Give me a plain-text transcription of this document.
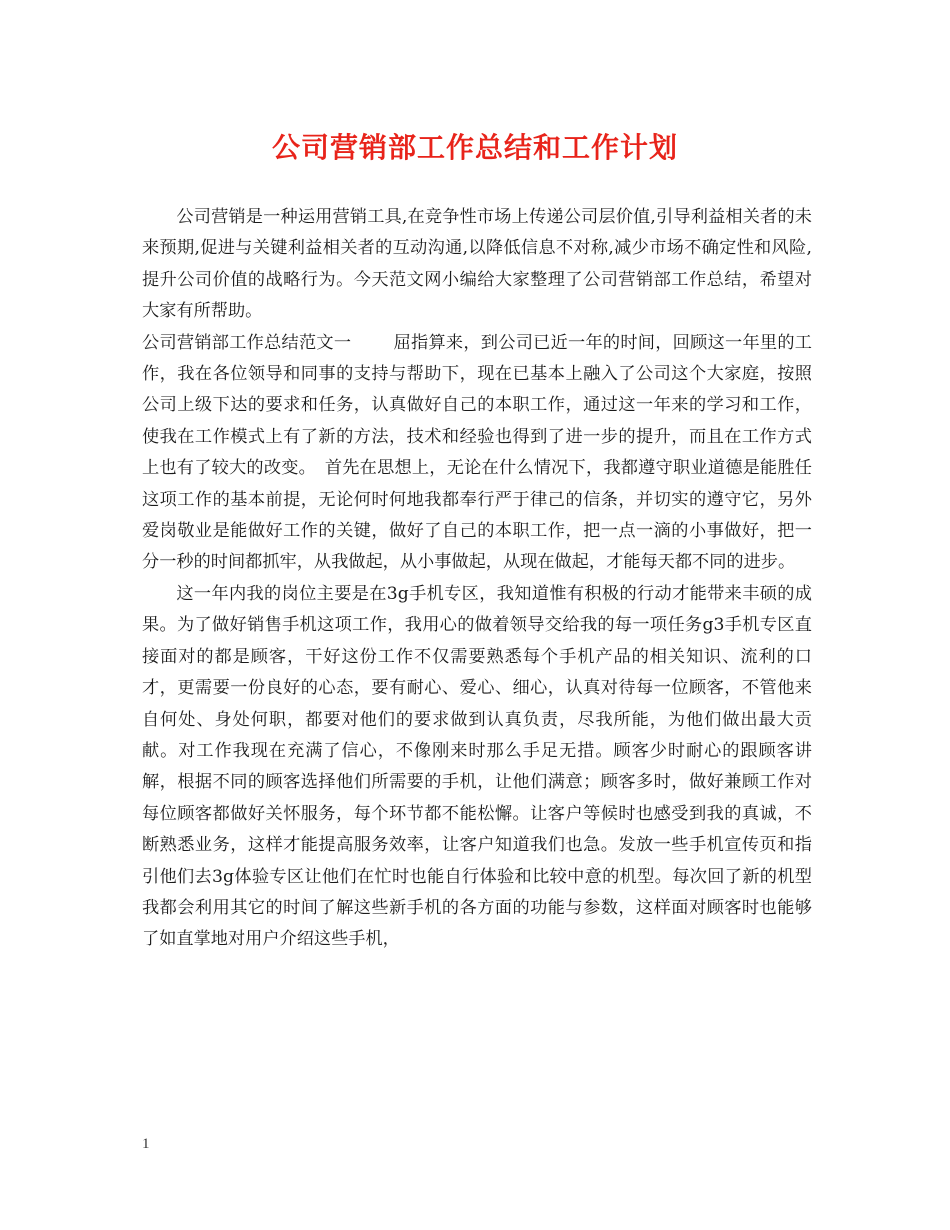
公司营销部工作总结和工作计划

公司营销是一种运用营销工具,在竞争性市场上传递公司层价值,引导利益相关者的未来预期,促进与关键利益相关者的互动沟通,以降低信息不对称,减少市场不确定性和风险,提升公司价值的战略行为。今天范文网小编给大家整理了公司营销部工作总结，希望对大家有所帮助。

公司营销部工作总结范文一 屈指算来，到公司已近一年的时间，回顾这一年里的工作，我在各位领导和同事的支持与帮助下，现在已基本上融入了公司这个大家庭，按照公司上级下达的要求和任务，认真做好自己的本职工作，通过这一年来的学习和工作，使我在工作模式上有了新的方法，技术和经验也得到了进一步的提升，而且在工作方式上也有了较大的改变。　首先在思想上，无论在什么情况下，我都遵守职业道德是能胜任这项工作的基本前提，无论何时何地我都奉行严于律己的信条，并切实的遵守它，另外爱岗敬业是能做好工作的关键，做好了自己的本职工作，把一点一滴的小事做好，把一分一秒的时间都抓牢，从我做起，从小事做起，从现在做起，才能每天都不同的进步。

这一年内我的岗位主要是在3g手机专区，我知道惟有积极的行动才能带来丰硕的成果。为了做好销售手机这项工作，我用心的做着领导交给我的每一项任务g3手机专区直接面对的都是顾客，干好这份工作不仅需要熟悉每个手机产品的相关知识、流利的口才，更需要一份良好的心态，要有耐心、爱心、细心，认真对待每一位顾客，不管他来自何处、身处何职，都要对他们的要求做到认真负责，尽我所能，为他们做出最大贡献。对工作我现在充满了信心，不像刚来时那么手足无措。顾客少时耐心的跟顾客讲解，根据不同的顾客选择他们所需要的手机，让他们满意；顾客多时，做好兼顾工作对每位顾客都做好关怀服务，每个环节都不能松懈。让客户等候时也感受到我的真诚，不断熟悉业务，这样才能提高服务效率，让客户知道我们也急。发放一些手机宣传页和指引他们去3g体验专区让他们在忙时也能自行体验和比较中意的机型。每次回了新的机型我都会利用其它的时间了解这些新手机的各方面的功能与参数，这样面对顾客时也能够了如直掌地对用户介绍这些手机，

1
